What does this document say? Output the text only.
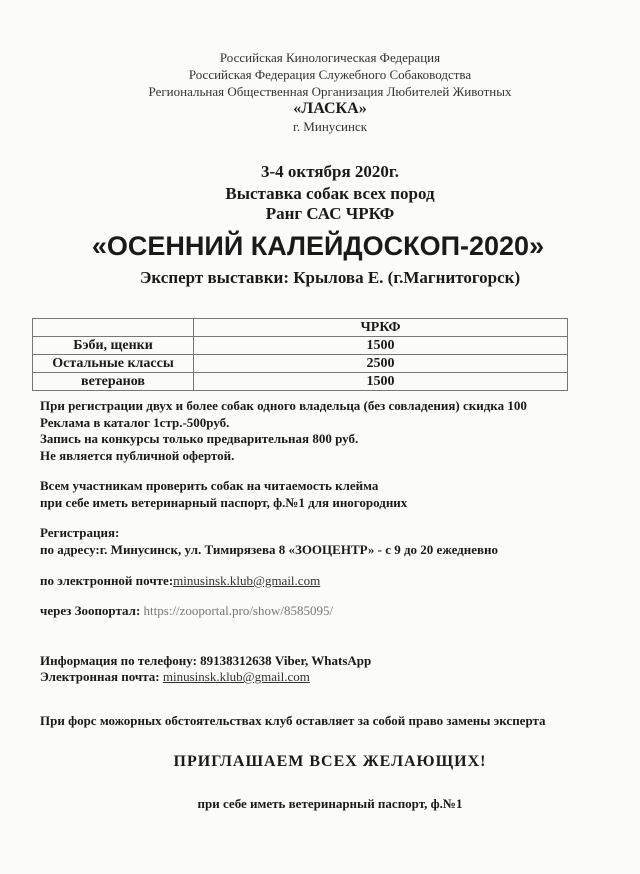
Российская Кинологическая Федерация
Российская Федерация Служебного Собаководства
Региональная Общественная Организация Любителей Животных
«ЛАСКА»
г. Минусинск
3-4 октября 2020г.
Выставка собак всех пород
Ранг САС ЧРКФ
«ОСЕННИЙ КАЛЕЙДОСКОП-2020»
Эксперт выставки: Крылова Е. (г.Магнитогорск)
	ЧРКФ
Бэби, щенки	1500
Остальные классы	2500
ветеранов	1500
При регистрации двух и более собак одного владельца (без совладения) скидка 100
Реклама в каталог 1стр.-500руб.
Запись на конкурсы только предварительная 800 руб.
Не является публичной офертой.
Всем участникам проверить собак на читаемость клейма
при себе иметь ветеринарный паспорт, ф.№1 для иногородних
Регистрация:
по адресу:г. Минусинск, ул. Тимирязева 8 «ЗООЦЕНТР» - с 9 до 20 ежедневно
по электронной почте:minusinsk.klub@gmail.com
через Зоопортал: https://zooportal.pro/show/8585095/
Информация по телефону: 89138312638 Viber, WhatsApp
Электронная почта: minusinsk.klub@gmail.com
При форс можорных обстоятельствах клуб оставляет за собой право замены эксперта
ПРИГЛАШАЕМ ВСЕХ ЖЕЛАЮЩИХ!
при себе иметь ветеринарный паспорт, ф.№1
